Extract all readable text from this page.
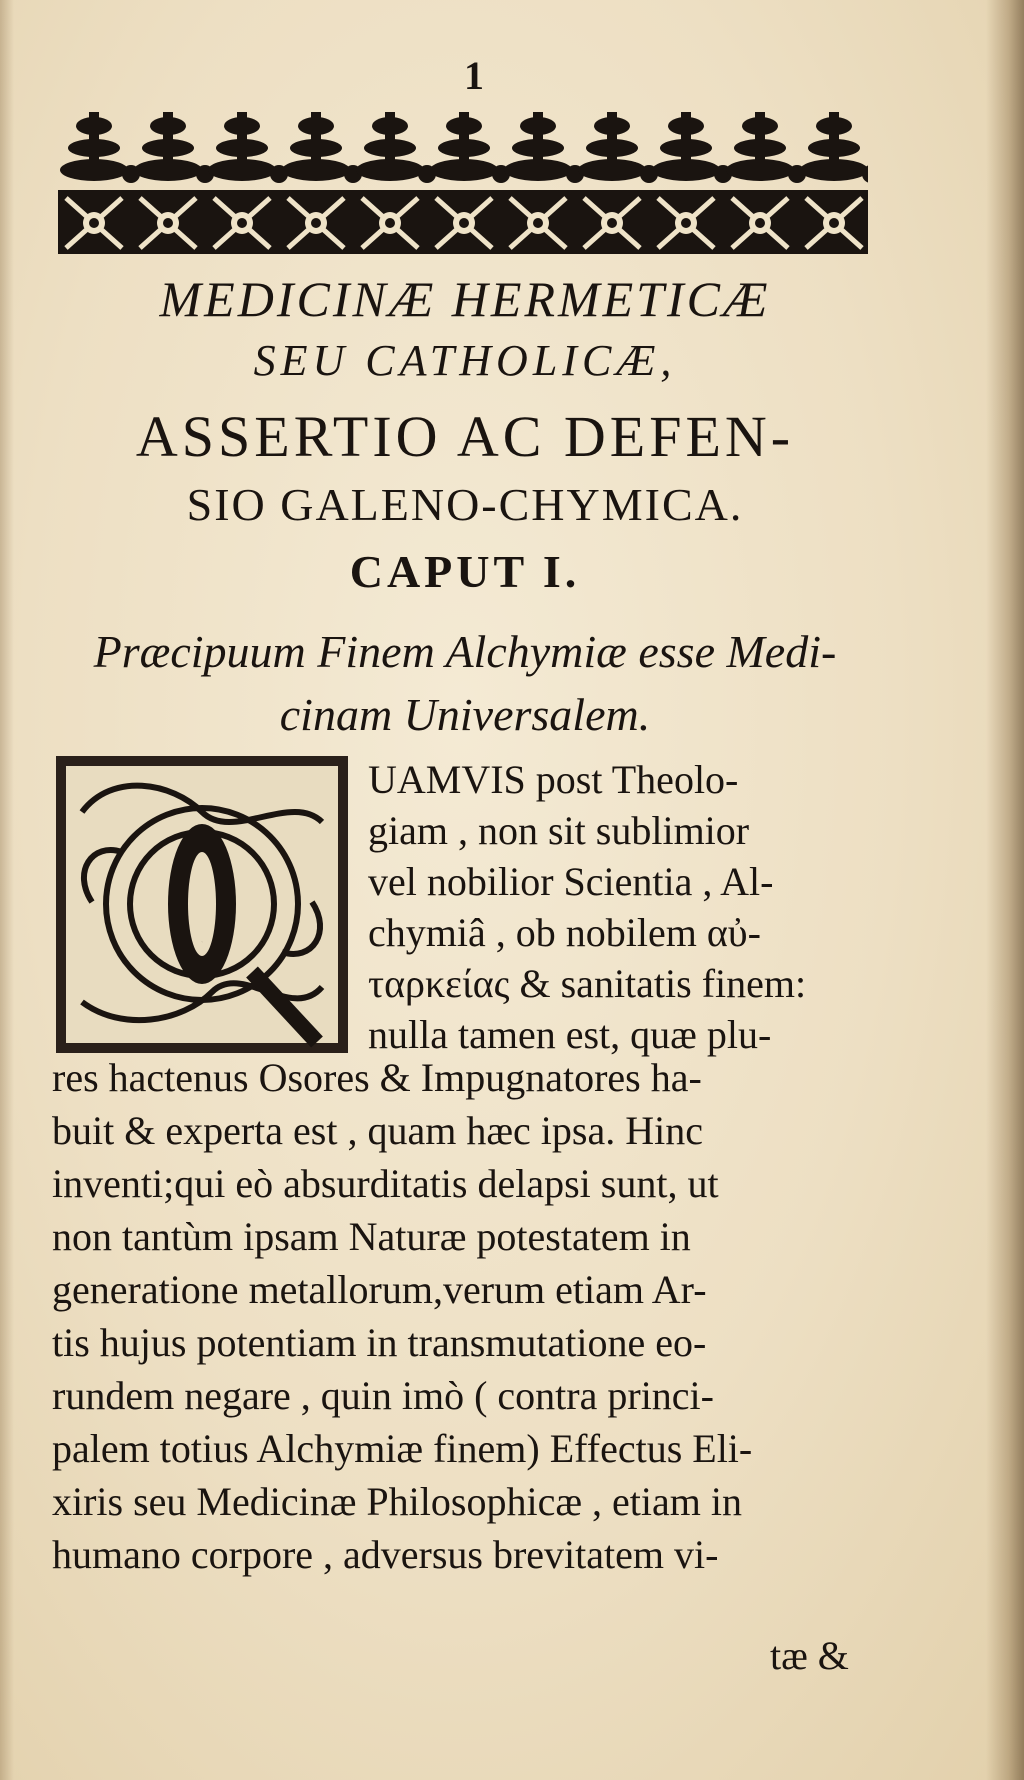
1
MEDICINÆ HERMETICÆ
SEU CATHOLICÆ,
ASSERTIO AC DEFEN-
SIO GALENO-CHYMICA.
CAPUT I.
Præcipuum Finem Alchymiæ esse Medi-
cinam Universalem.
Q
UAMVIS post Theolo-
giam , non sit sublimior
vel nobilior Scientia , Al-
chymiâ , ob nobilem αὐ-
ταρκείας & sanitatis finem:
nulla tamen est, quæ plu-
res hactenus Osores & Impugnatores ha-
buit & experta est , quam hæc ipsa. Hinc
inventi;qui eò absurditatis delapsi sunt, ut
non tantùm ipsam Naturæ potestatem in
generatione metallorum,verum etiam Ar-
tis hujus potentiam in transmutatione eo-
rundem negare , quin imò ( contra princi-
palem totius Alchymiæ finem) Effectus Eli-
xiris seu Medicinæ Philosophicæ , etiam in
humano corpore , adversus brevitatem vi-
tæ &
